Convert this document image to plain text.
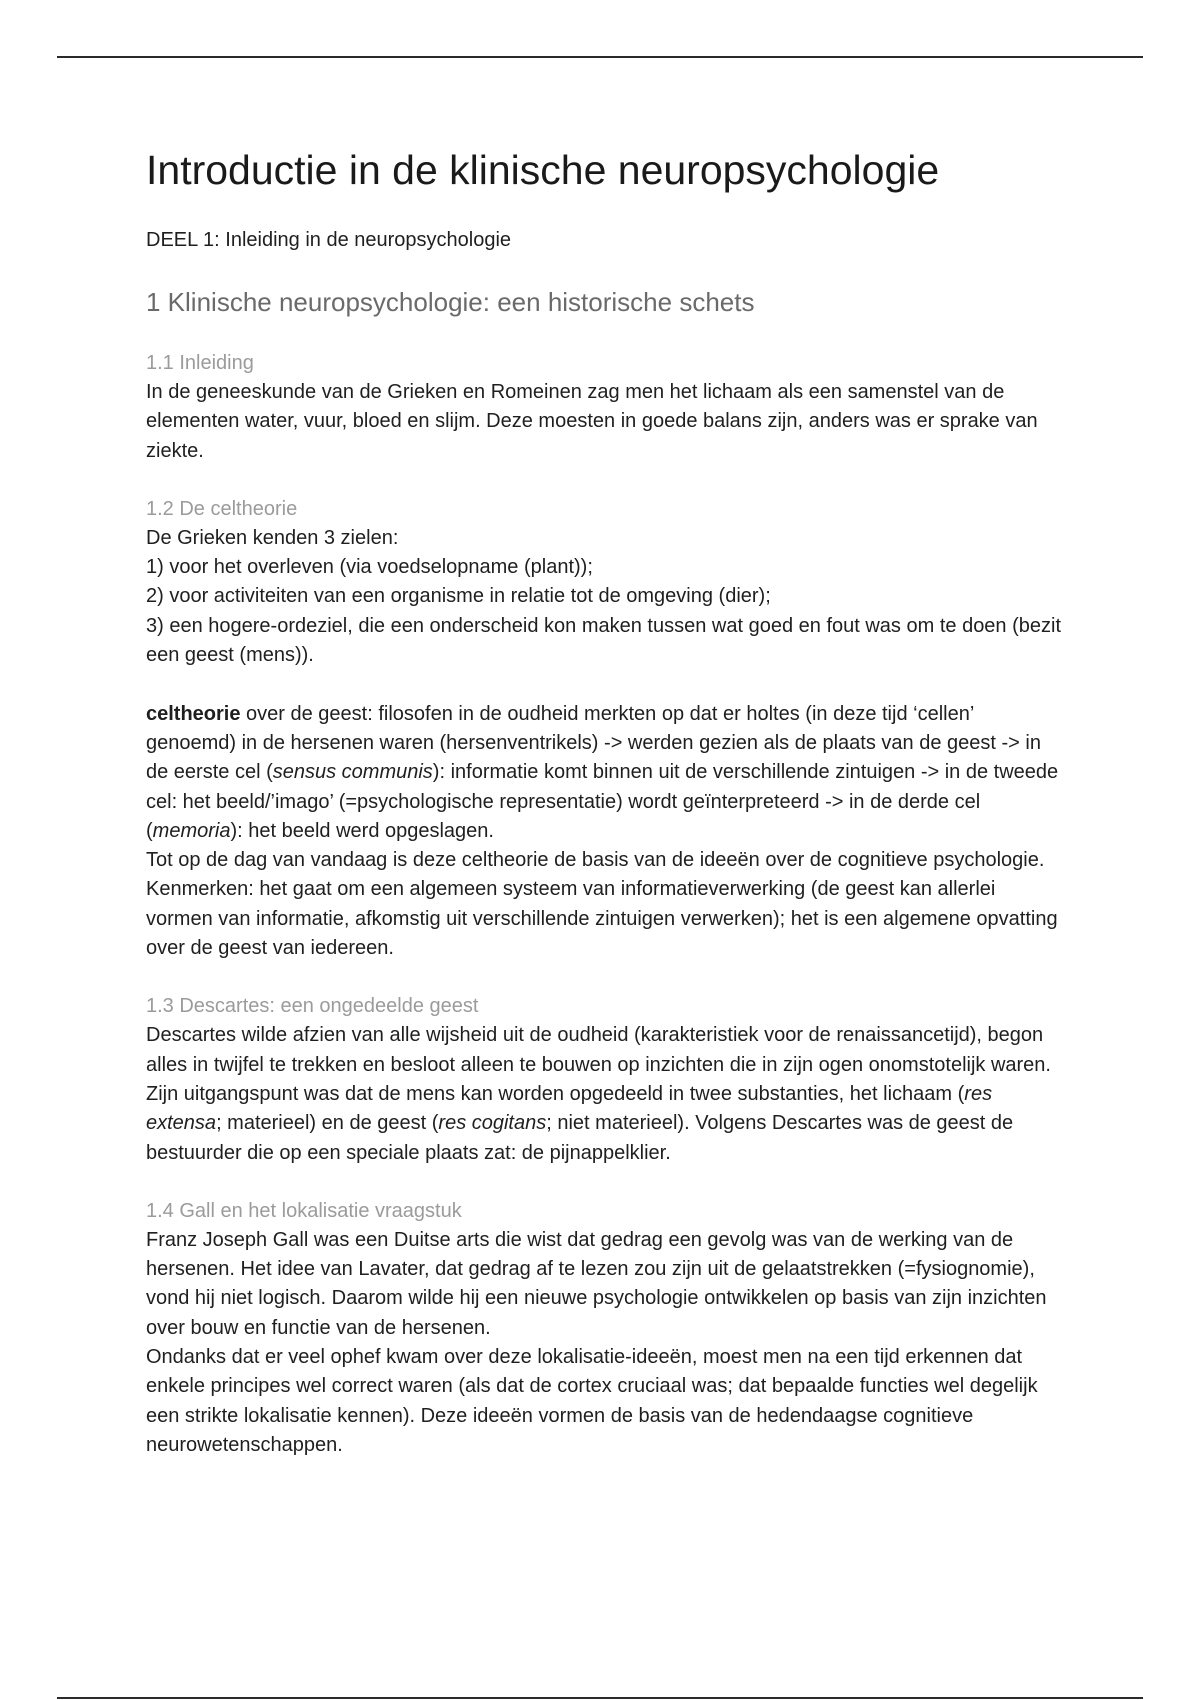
Introductie in de klinische neuropsychologie

DEEL 1: Inleiding in de neuropsychologie

1 Klinische neuropsychologie: een historische schets
1.1 Inleiding

In de geneeskunde van de Grieken en Romeinen zag men het lichaam als een samenstel van de elementen water, vuur, bloed en slijm. Deze moesten in goede balans zijn, anders was er sprake van ziekte.

1.2 De celtheorie

De Grieken kenden 3 zielen:
1) voor het overleven (via voedselopname (plant));
2) voor activiteiten van een organisme in relatie tot de omgeving (dier);
3) een hogere-ordeziel, die een onderscheid kon maken tussen wat goed en fout was om te doen (bezit een geest (mens)).

celtheorie over de geest: filosofen in de oudheid merkten op dat er holtes (in deze tijd ‘cellen’ genoemd) in de hersenen waren (hersenventrikels) -> werden gezien als de plaats van de geest -> in de eerste cel (sensus communis): informatie komt binnen uit de verschillende zintuigen -> in de tweede cel: het beeld/’imago’ (=psychologische representatie) wordt geïnterpreteerd -> in de derde cel (memoria): het beeld werd opgeslagen.

Tot op de dag van vandaag is deze celtheorie de basis van de ideeën over de cognitieve psychologie. Kenmerken: het gaat om een algemeen systeem van informatieverwerking (de geest kan allerlei vormen van informatie, afkomstig uit verschillende zintuigen verwerken); het is een algemene opvatting over de geest van iedereen.

1.3 Descartes: een ongedeelde geest

Descartes wilde afzien van alle wijsheid uit de oudheid (karakteristiek voor de renaissancetijd), begon alles in twijfel te trekken en besloot alleen te bouwen op inzichten die in zijn ogen onomstotelijk waren. Zijn uitgangspunt was dat de mens kan worden opgedeeld in twee substanties, het lichaam (res extensa; materieel) en de geest (res cogitans; niet materieel). Volgens Descartes was de geest de bestuurder die op een speciale plaats zat: de pijnappelklier.

1.4 Gall en het lokalisatie vraagstuk

Franz Joseph Gall was een Duitse arts die wist dat gedrag een gevolg was van de werking van de hersenen. Het idee van Lavater, dat gedrag af te lezen zou zijn uit de gelaatstrekken (=fysiognomie), vond hij niet logisch. Daarom wilde hij een nieuwe psychologie ontwikkelen op basis van zijn inzichten over bouw en functie van de hersenen.

Ondanks dat er veel ophef kwam over deze lokalisatie-ideeën, moest men na een tijd erkennen dat enkele principes wel correct waren (als dat de cortex cruciaal was; dat bepaalde functies wel degelijk een strikte lokalisatie kennen). Deze ideeën vormen de basis van de hedendaagse cognitieve neurowetenschappen.
